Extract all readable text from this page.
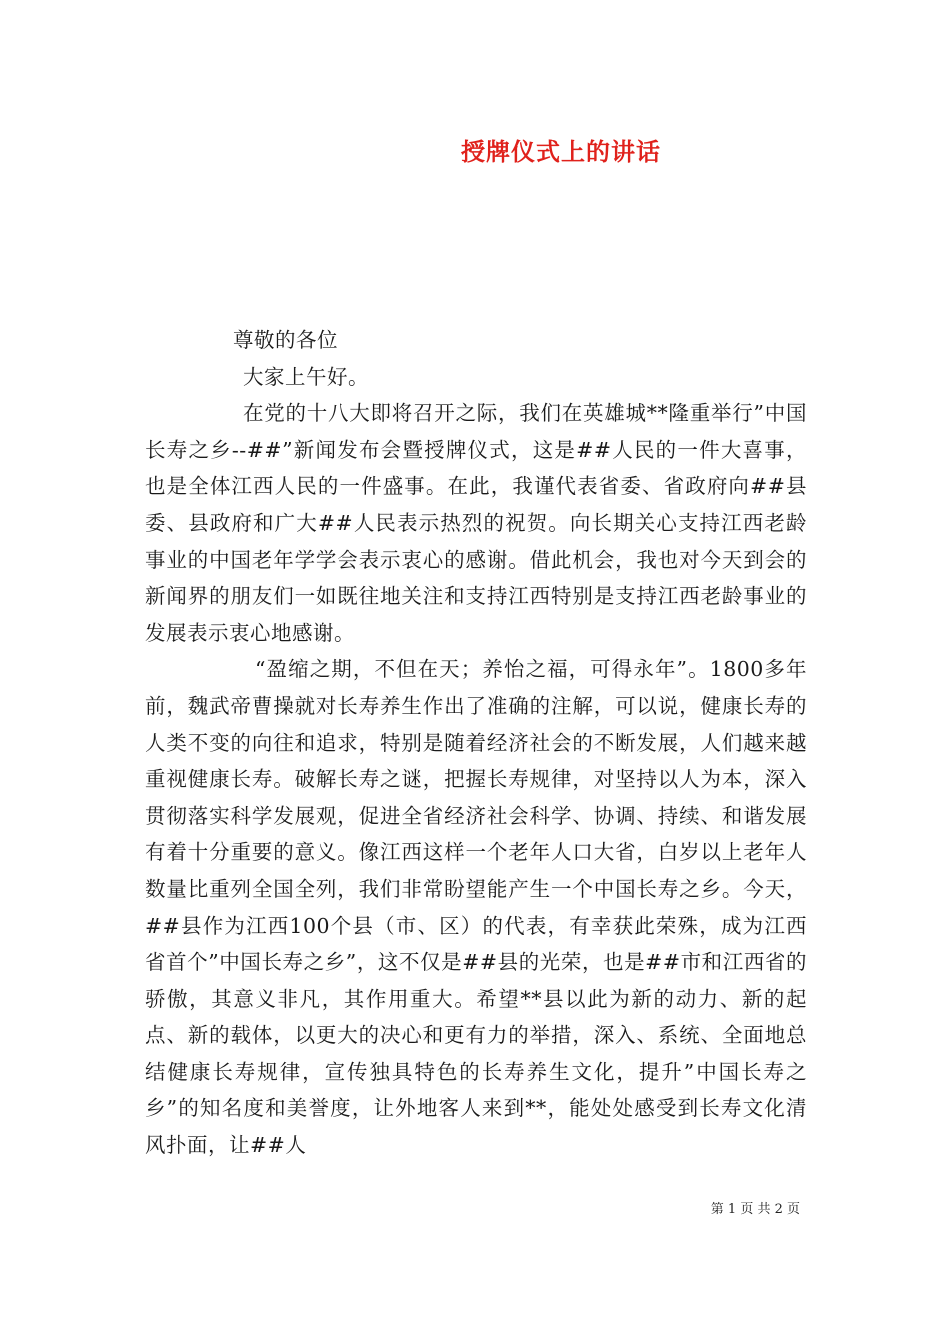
授牌仪式上的讲话

尊敬的各位

大家上午好。

在党的十八大即将召开之际，我们在英雄城**隆重举行”中国长寿之乡--##”新闻发布会暨授牌仪式，这是##人民的一件大喜事，也是全体江西人民的一件盛事。在此，我谨代表省委、省政府向##县委、县政府和广大##人民表示热烈的祝贺。向长期关心支持江西老龄事业的中国老年学学会表示衷心的感谢。借此机会，我也对今天到会的新闻界的朋友们一如既往地关注和支持江西特别是支持江西老龄事业的发展表示衷心地感谢。

“盈缩之期，不但在天；养怡之福，可得永年”。1800多年前，魏武帝曹操就对长寿养生作出了准确的注解，可以说，健康长寿的人类不变的向往和追求，特别是随着经济社会的不断发展，人们越来越重视健康长寿。破解长寿之谜，把握长寿规律，对坚持以人为本，深入贯彻落实科学发展观，促进全省经济社会科学、协调、持续、和谐发展有着十分重要的意义。像江西这样一个老年人口大省，白岁以上老年人数量比重列全国全列，我们非常盼望能产生一个中国长寿之乡。今天，##县作为江西100个县（市、区）的代表，有幸获此荣殊，成为江西省首个”中国长寿之乡”，这不仅是##县的光荣，也是##市和江西省的骄傲，其意义非凡，其作用重大。希望**县以此为新的动力、新的起点、新的载体，以更大的决心和更有力的举措，深入、系统、全面地总结健康长寿规律，宣传独具特色的长寿养生文化，提升”中国长寿之乡”的知名度和美誉度，让外地客人来到**，能处处感受到长寿文化清风扑面，让##人

第 1 页 共 2 页
